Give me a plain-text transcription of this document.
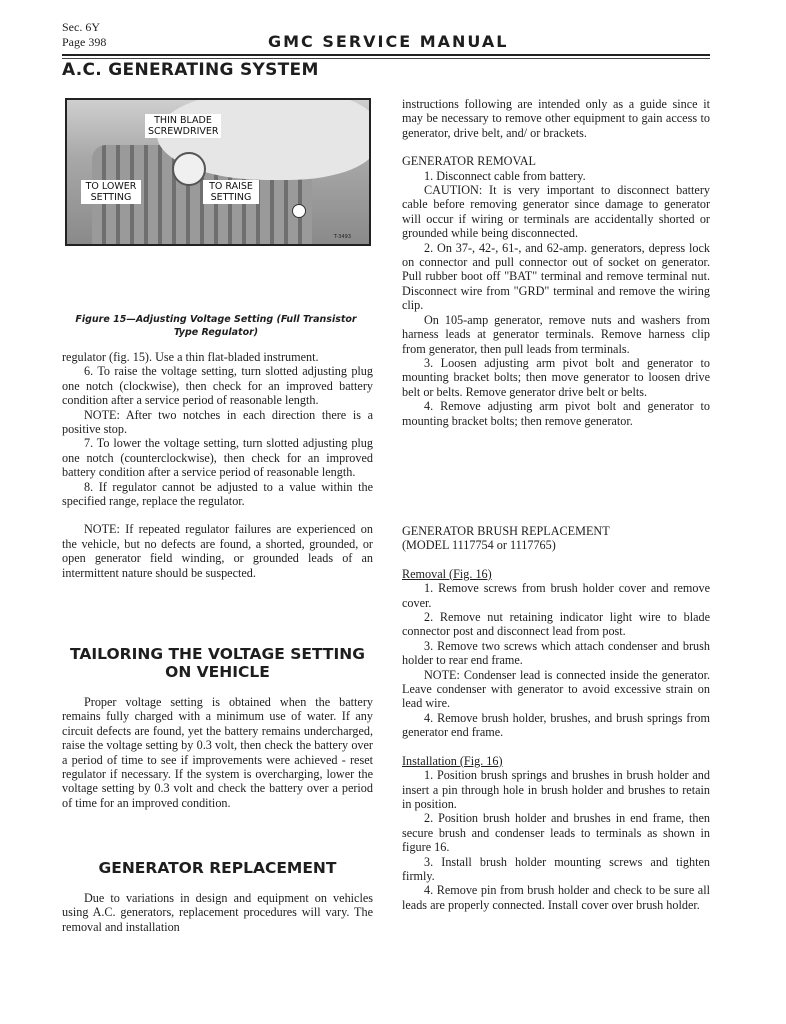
Sec. 6Y
Page 398	GMC SERVICE MANUAL
A.C. GENERATING SYSTEM
THIN BLADE SCREWDRIVER
TO LOWER SETTING
TO RAISE SETTING
T-3493
Figure 15—Adjusting Voltage Setting (Full Transistor Type Regulator)

regulator (fig. 15). Use a thin flat-bladed instrument.

6. To raise the voltage setting, turn slotted adjusting plug one notch (clockwise), then check for an improved battery condition after a service period of reasonable length.

NOTE: After two notches in each direction there is a positive stop.

7. To lower the voltage setting, turn slotted adjusting plug one notch (counterclockwise), then check for an improved battery condition after a service period of reasonable length.

8. If regulator cannot be adjusted to a value within the specified range, replace the regulator.

NOTE: If repeated regulator failures are experienced on the vehicle, but no defects are found, a shorted, grounded, or open generator field winding, or grounded leads of an intermittent nature should be suspected.

TAILORING THE VOLTAGE SETTING ON VEHICLE

Proper voltage setting is obtained when the battery remains fully charged with a minimum use of water. If any circuit defects are found, yet the battery remains undercharged, raise the voltage setting by 0.3 volt, then check the battery over a period of time to see if improvements were achieved - reset regulator if necessary. If the system is overcharging, lower the voltage setting by 0.3 volt and check the battery over a period of time for an improved condition.

GENERATOR REPLACEMENT

Due to variations in design and equipment on vehicles using A.C. generators, replacement procedures will vary. The removal and installation

instructions following are intended only as a guide since it may be necessary to remove other equipment to gain access to generator, drive belt, and/ or brackets.

GENERATOR REMOVAL

1. Disconnect cable from battery.

CAUTION: It is very important to disconnect battery cable before removing generator since damage to generator will occur if wiring or terminals are accidentally shorted or grounded while being disconnected.

2. On 37-, 42-, 61-, and 62-amp. generators, depress lock on connector and pull connector out of socket on generator. Pull rubber boot off "BAT" terminal and remove terminal nut. Disconnect wire from "GRD" terminal and remove the wiring clip.

On 105-amp generator, remove nuts and washers from harness leads at generator terminals. Remove harness clip from generator, then pull leads from terminals.

3. Loosen adjusting arm pivot bolt and generator to mounting bracket bolts; then move generator to loosen drive belt or belts. Remove generator drive belt or belts.

4. Remove adjusting arm pivot bolt and generator to mounting bracket bolts; then remove generator.

GENERATOR BRUSH REPLACEMENT

(MODEL 1117754 or 1117765)

Removal (Fig. 16)

1. Remove screws from brush holder cover and remove cover.

2. Remove nut retaining indicator light wire to blade connector post and disconnect lead from post.

3. Remove two screws which attach condenser and brush holder to rear end frame.

NOTE: Condenser lead is connected inside the generator. Leave condenser with generator to avoid excessive strain on lead wire.

4. Remove brush holder, brushes, and brush springs from generator end frame.

Installation (Fig. 16)

1. Position brush springs and brushes in brush holder and insert a pin through hole in brush holder and brushes to retain in position.

2. Position brush holder and brushes in end frame, then secure brush and condenser leads to terminals as shown in figure 16.

3. Install brush holder mounting screws and tighten firmly.

4. Remove pin from brush holder and check to be sure all leads are properly connected. Install cover over brush holder.
